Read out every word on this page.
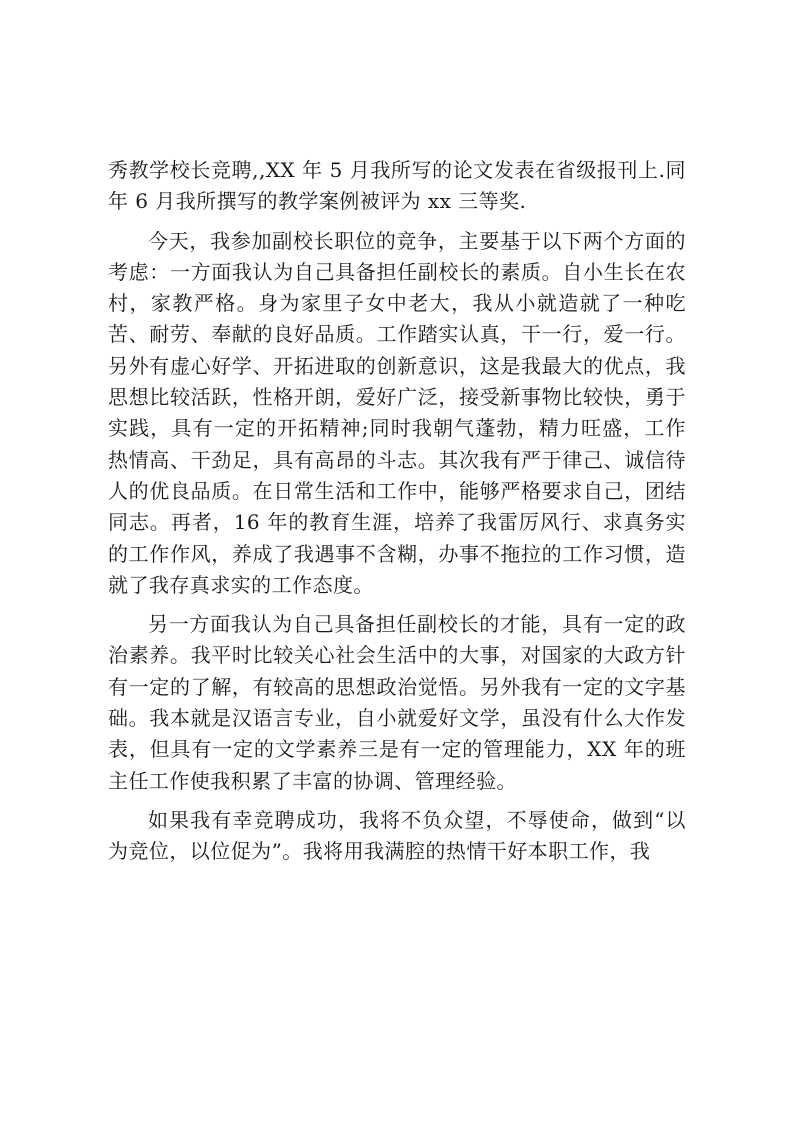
秀教学校长竞聘,,XX 年 5 月我所写的论文发表在省级报刊上.同年 6 月我所撰写的教学案例被评为 xx 三等奖.

今天，我参加副校长职位的竞争，主要基于以下两个方面的考虑：一方面我认为自己具备担任副校长的素质。自小生长在农村，家教严格。身为家里子女中老大，我从小就造就了一种吃苦、耐劳、奉献的良好品质。工作踏实认真，干一行，爱一行。另外有虚心好学、开拓进取的创新意识，这是我最大的优点，我思想比较活跃，性格开朗，爱好广泛，接受新事物比较快，勇于实践，具有一定的开拓精神;同时我朝气蓬勃，精力旺盛，工作热情高、干劲足，具有高昂的斗志。其次我有严于律己、诚信待人的优良品质。在日常生活和工作中，能够严格要求自己，团结同志。再者，16 年的教育生涯，培养了我雷厉风行、求真务实的工作作风，养成了我遇事不含糊，办事不拖拉的工作习惯，造就了我存真求实的工作态度。

另一方面我认为自己具备担任副校长的才能，具有一定的政治素养。我平时比较关心社会生活中的大事，对国家的大政方针有一定的了解，有较高的思想政治觉悟。另外我有一定的文字基础。我本就是汉语言专业，自小就爱好文学，虽没有什么大作发表，但具有一定的文学素养三是有一定的管理能力，XX 年的班主任工作使我积累了丰富的协调、管理经验。

如果我有幸竞聘成功，我将不负众望，不辱使命，做到“以为竞位，以位促为”。我将用我满腔的热情干好本职工作，我
